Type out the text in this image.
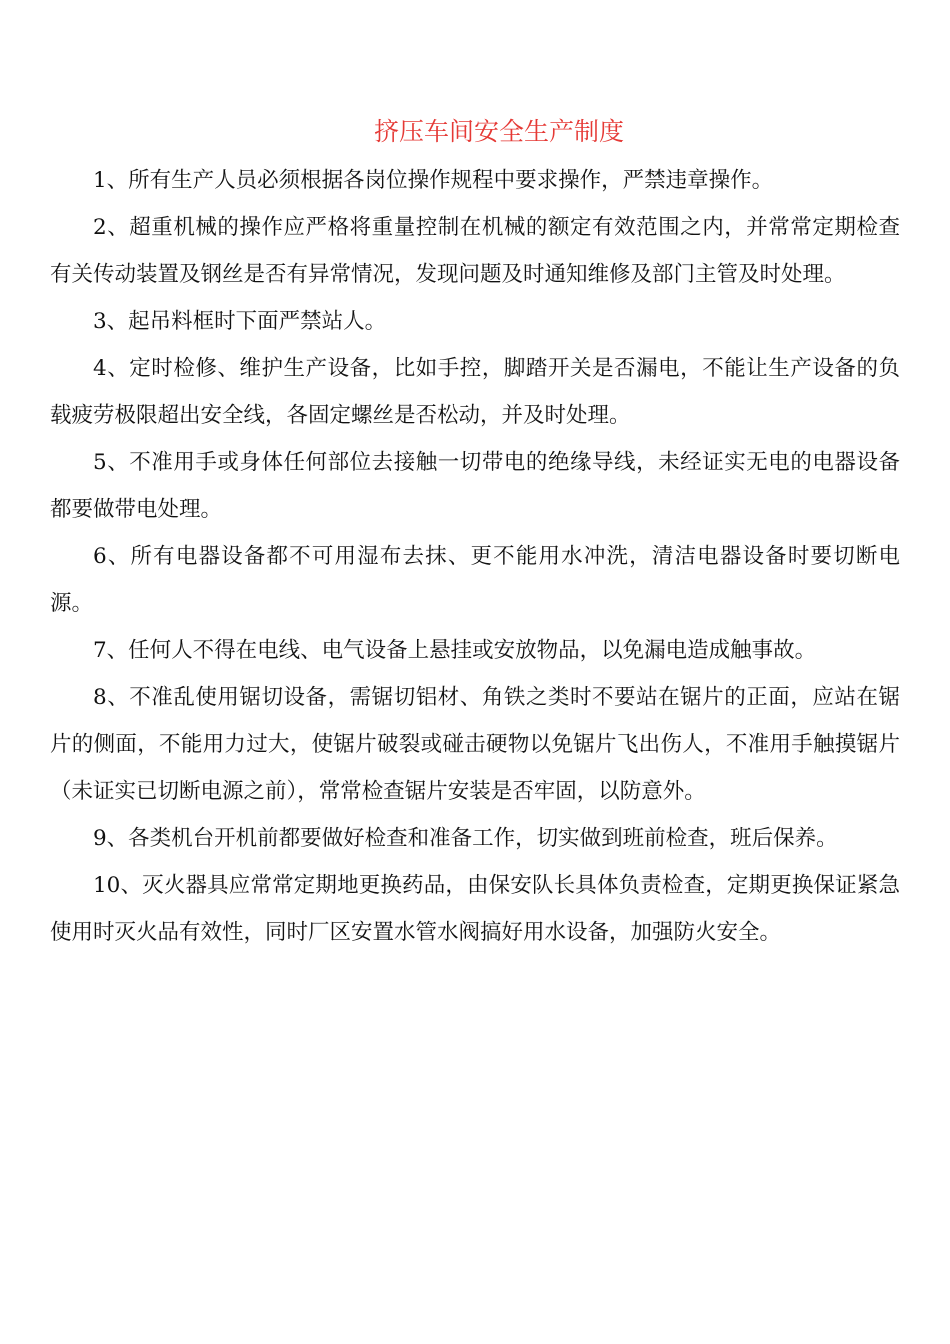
挤压车间安全生产制度

1、所有生产人员必须根据各岗位操作规程中要求操作，严禁违章操作。

2、超重机械的操作应严格将重量控制在机械的额定有效范围之内，并常常定期检查有关传动装置及钢丝是否有异常情况，发现问题及时通知维修及部门主管及时处理。

3、起吊料框时下面严禁站人。

4、定时检修、维护生产设备，比如手控，脚踏开关是否漏电，不能让生产设备的负载疲劳极限超出安全线，各固定螺丝是否松动，并及时处理。

5、不准用手或身体任何部位去接触一切带电的绝缘导线，未经证实无电的电器设备都要做带电处理。

6、所有电器设备都不可用湿布去抹、更不能用水冲洗，清洁电器设备时要切断电源。

7、任何人不得在电线、电气设备上悬挂或安放物品，以免漏电造成触事故。

8、不准乱使用锯切设备，需锯切铝材、角铁之类时不要站在锯片的正面，应站在锯片的侧面，不能用力过大，使锯片破裂或碰击硬物以免锯片飞出伤人，不准用手触摸锯片（未证实已切断电源之前），常常检查锯片安装是否牢固，以防意外。

9、各类机台开机前都要做好检查和准备工作，切实做到班前检查，班后保养。

10、灭火器具应常常定期地更换药品，由保安队长具体负责检查，定期更换保证紧急使用时灭火品有效性，同时厂区安置水管水阀搞好用水设备，加强防火安全。
